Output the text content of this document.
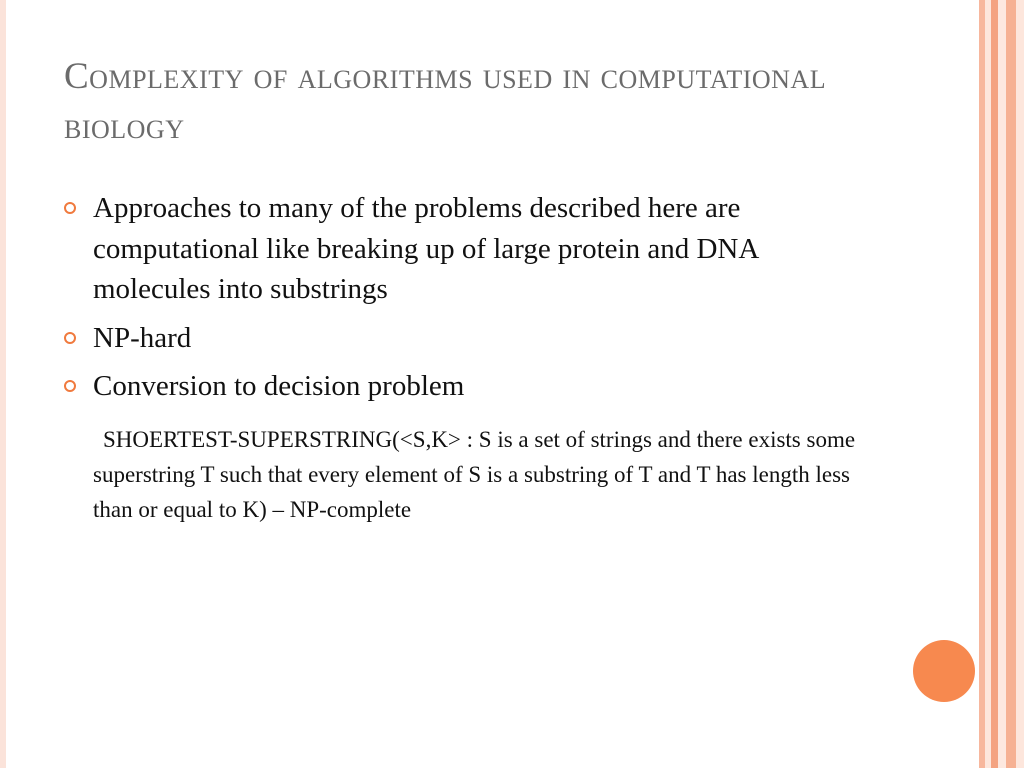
Complexity of algorithms used in computational biology
Approaches to many of the problems described here are computational like breaking up of large protein and DNA molecules into substrings
NP-hard
Conversion to decision problem

SHOERTEST-SUPERSTRING(<S,K> : S is a set of strings and there exists some superstring T such that every element of S is a substring of T and T has length less than or equal to K) – NP-complete
